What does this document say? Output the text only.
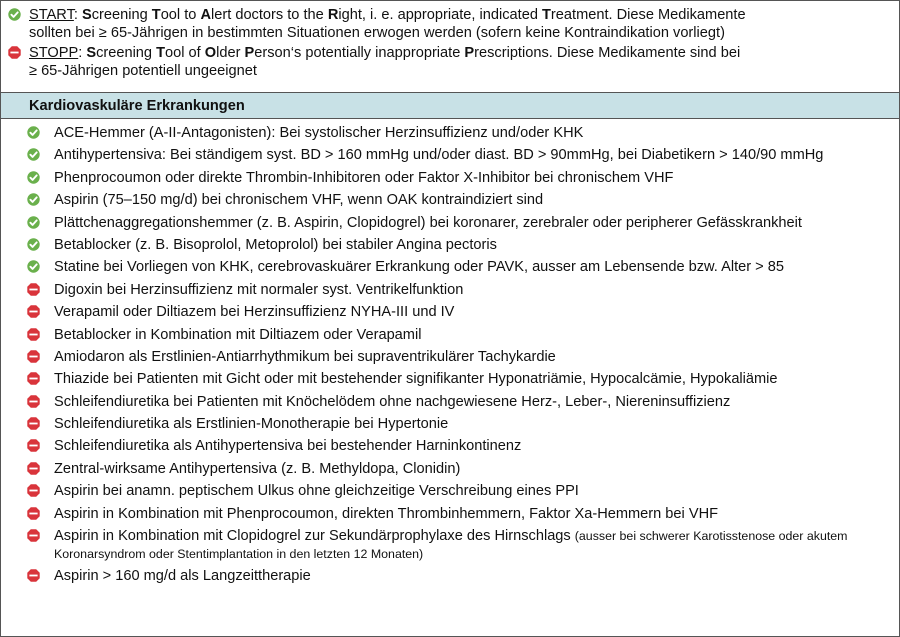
START: Screening Tool to Alert doctors to the Right, i. e. appropriate, indicated Treatment. Diese Medikamente
sollten bei ≥ 65-Jährigen in bestimmten Situationen erwogen werden (sofern keine Kontraindikation vorliegt)
STOPP: Screening Tool of Older Person‘s potentially inappropriate Prescriptions. Diese Medikamente sind bei
≥ 65-Jährigen potentiell ungeeignet
Kardiovaskuläre Erkrankungen
ACE-Hemmer (A-II-Antagonisten): Bei systolischer Herzinsuffizienz und/oder KHK
Antihypertensiva: Bei ständigem syst. BD > 160 mmHg und/oder diast. BD > 90mmHg, bei Diabetikern > 140/90 mmHg
Phenprocoumon oder direkte Thrombin-Inhibitoren oder Faktor X-Inhibitor bei chronischem VHF
Aspirin (75–150 mg/d) bei chronischem VHF, wenn OAK kontraindiziert sind
Plättchenaggregationshemmer (z. B. Aspirin, Clopidogrel) bei koronarer, zerebraler oder peripherer Gefässkrankheit
Betablocker (z. B. Bisoprolol, Metoprolol) bei stabiler Angina pectoris
Statine bei Vorliegen von KHK, cerebrovaskuärer Erkrankung oder PAVK, ausser am Lebensende bzw. Alter > 85
Digoxin bei Herzinsuffizienz mit normaler syst. Ventrikelfunktion
Verapamil oder Diltiazem bei Herzinsuffizienz NYHA-III und IV
Betablocker in Kombination mit Diltiazem oder Verapamil
Amiodaron als Erstlinien-Antiarrhythmikum bei supraventrikulärer Tachykardie
Thiazide bei Patienten mit Gicht oder mit bestehender signifikanter Hyponatriämie, Hypocalcämie, Hypokaliämie
Schleifendiuretika bei Patienten mit Knöchelödem ohne nachgewiesene Herz-, Leber-, Niereninsuffizienz
Schleifendiuretika als Erstlinien-Monotherapie bei Hypertonie
Schleifendiuretika als Antihypertensiva bei bestehender Harninkontinenz
Zentral-wirksame Antihypertensiva (z. B. Methyldopa, Clonidin)
Aspirin bei anamn. peptischem Ulkus ohne gleichzeitige Verschreibung eines PPI
Aspirin in Kombination mit Phenprocoumon, direkten Thrombinhemmern, Faktor Xa-Hemmern bei VHF
Aspirin in Kombination mit Clopidogrel zur Sekundärprophylaxe des Hirnschlags (ausser bei schwerer Karotisstenose oder akutem Koronarsyndrom oder Stentimplantation in den letzten 12 Monaten)
Aspirin > 160 mg/d als Langzeittherapie
